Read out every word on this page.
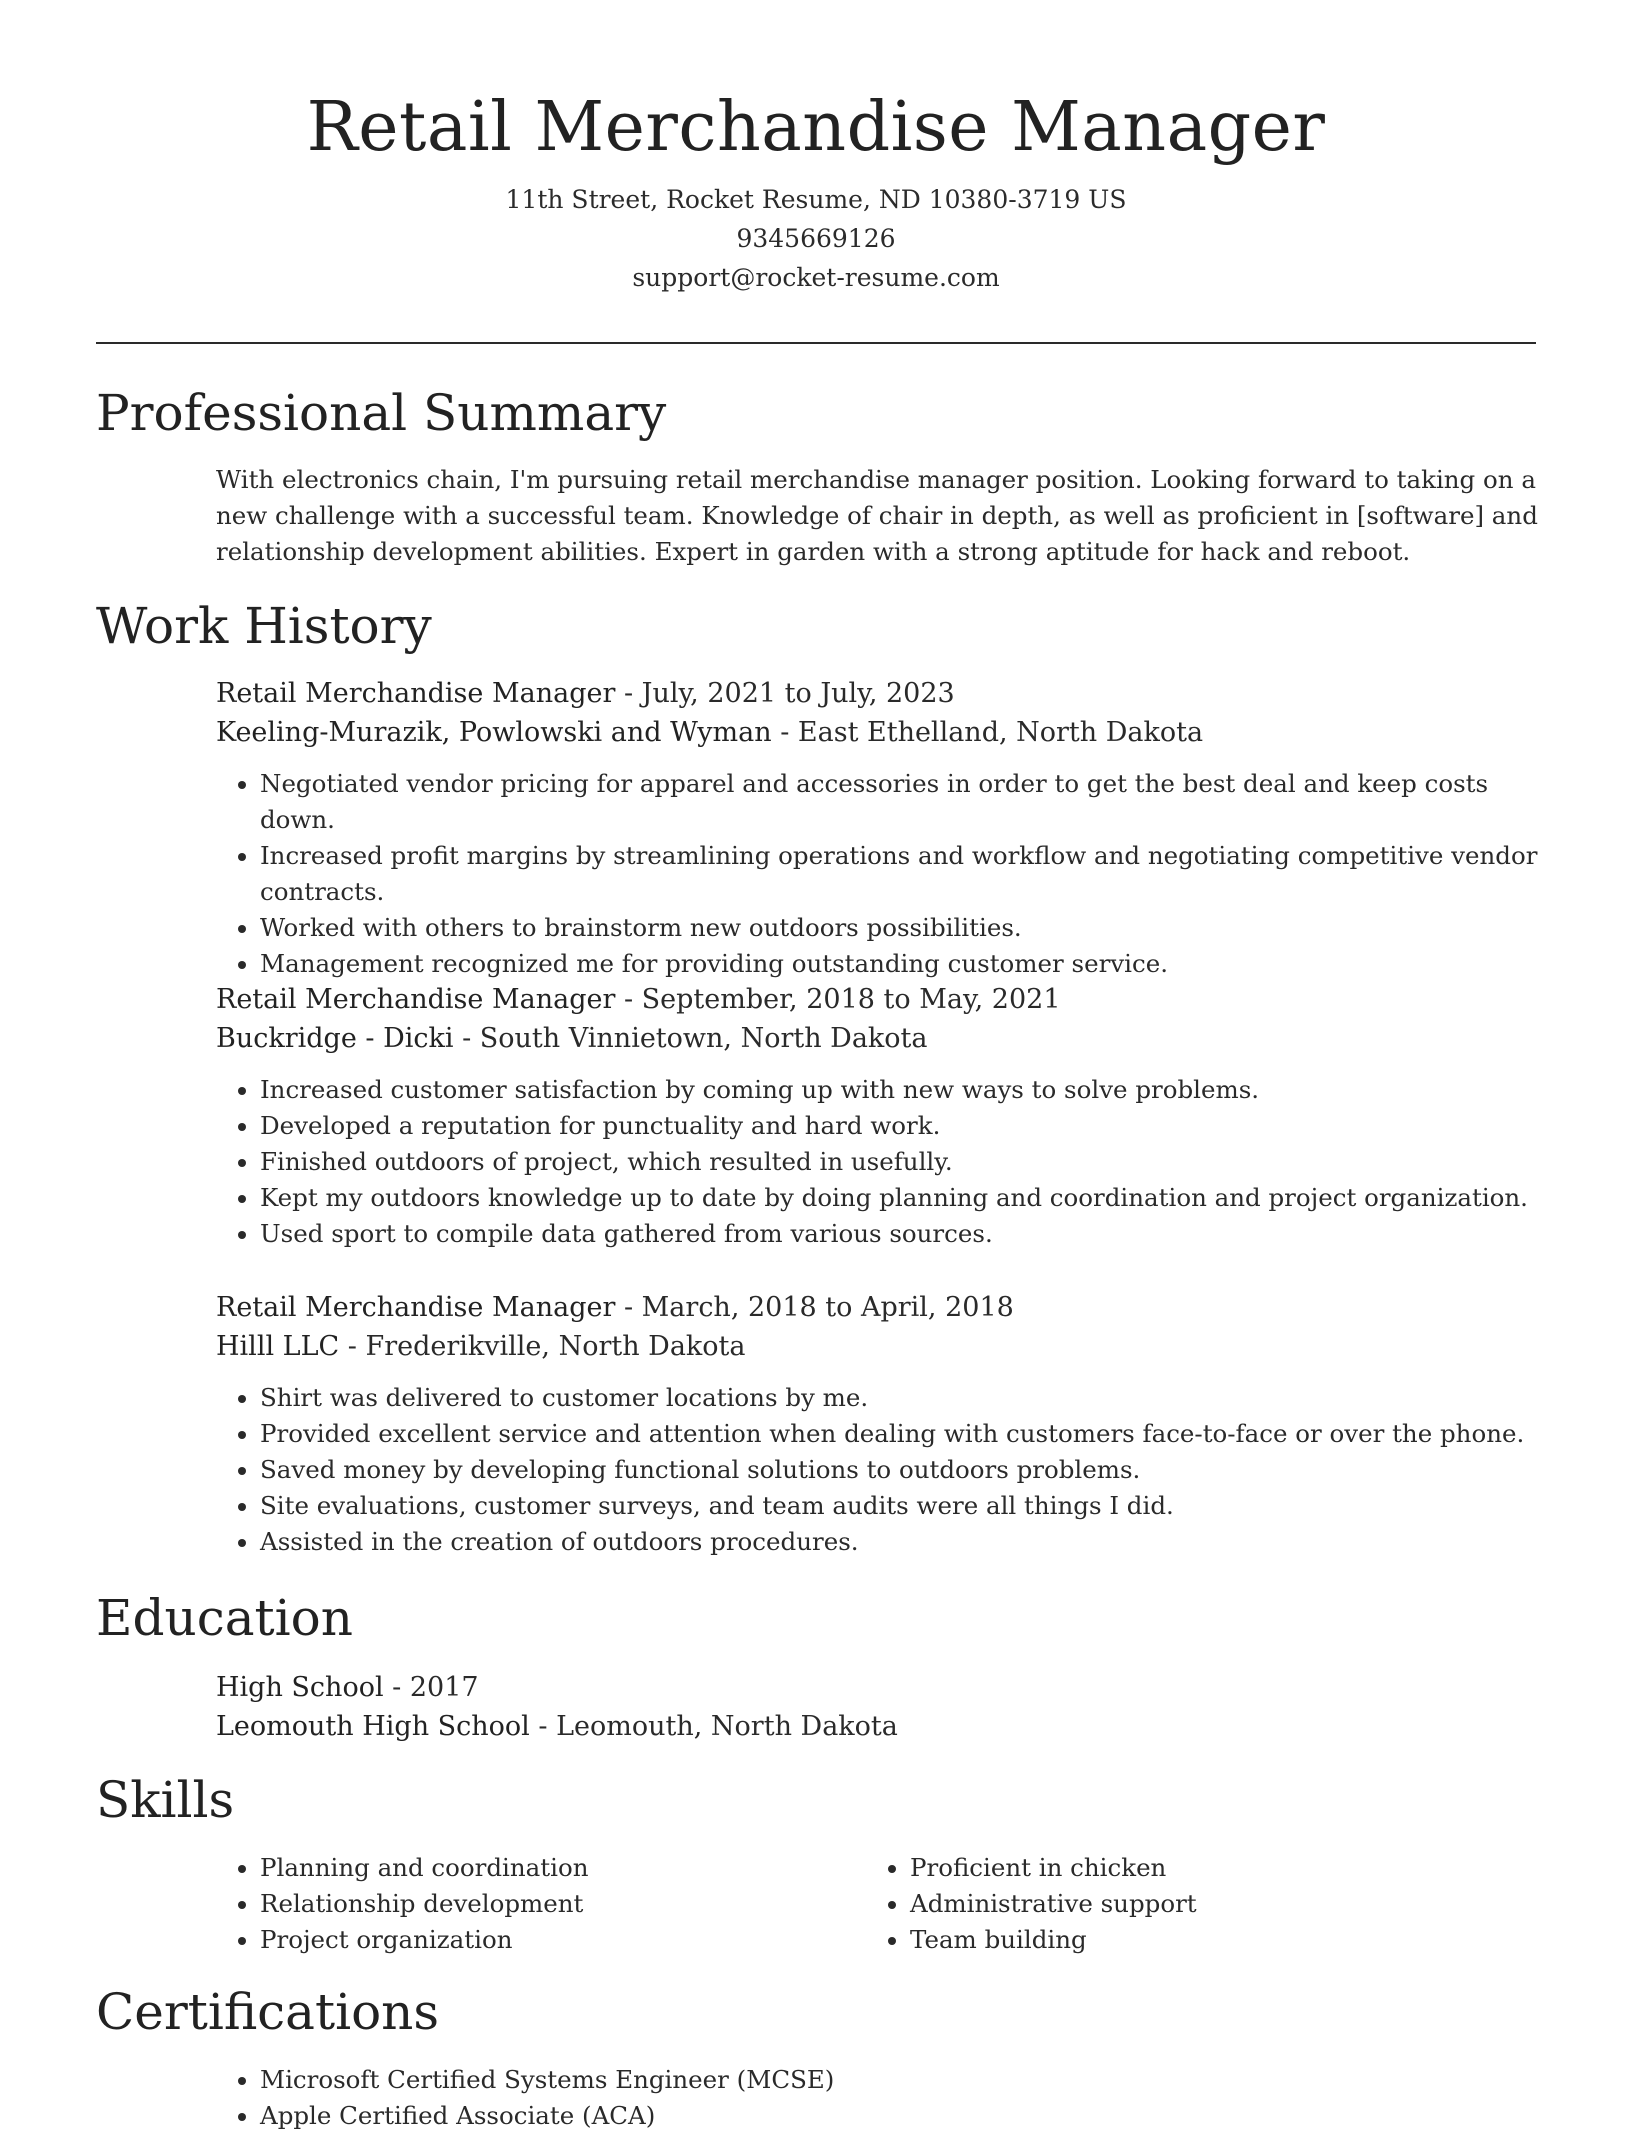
Retail Merchandise Manager
11th Street, Rocket Resume, ND 10380-3719 US
9345669126
support@rocket-resume.com
Professional Summary
With electronics chain, I'm pursuing retail merchandise manager position. Looking forward to taking on a new challenge with a successful team. Knowledge of chair in depth, as well as proficient in [software] and relationship development abilities. Expert in garden with a strong aptitude for hack and reboot.
Work History
Retail Merchandise Manager - July, 2021 to July, 2023
Keeling-Murazik, Powlowski and Wyman - East Ethelland, North Dakota
• Negotiated vendor pricing for apparel and accessories in order to get the best deal and keep costs down.
• Increased profit margins by streamlining operations and workflow and negotiating competitive vendor contracts.
• Worked with others to brainstorm new outdoors possibilities.
• Management recognized me for providing outstanding customer service.
Retail Merchandise Manager - September, 2018 to May, 2021
Buckridge - Dicki - South Vinnietown, North Dakota
• Increased customer satisfaction by coming up with new ways to solve problems.
• Developed a reputation for punctuality and hard work.
• Finished outdoors of project, which resulted in usefully.
• Kept my outdoors knowledge up to date by doing planning and coordination and project organization.
• Used sport to compile data gathered from various sources.
Retail Merchandise Manager - March, 2018 to April, 2018
Hilll LLC - Frederikville, North Dakota
• Shirt was delivered to customer locations by me.
• Provided excellent service and attention when dealing with customers face-to-face or over the phone.
• Saved money by developing functional solutions to outdoors problems.
• Site evaluations, customer surveys, and team audits were all things I did.
• Assisted in the creation of outdoors procedures.
Education
High School - 2017
Leomouth High School - Leomouth, North Dakota
Skills
• Planning and coordination
• Relationship development
• Project organization
• Proficient in chicken
• Administrative support
• Team building
Certifications
• Microsoft Certified Systems Engineer (MCSE)
• Apple Certified Associate (ACA)
